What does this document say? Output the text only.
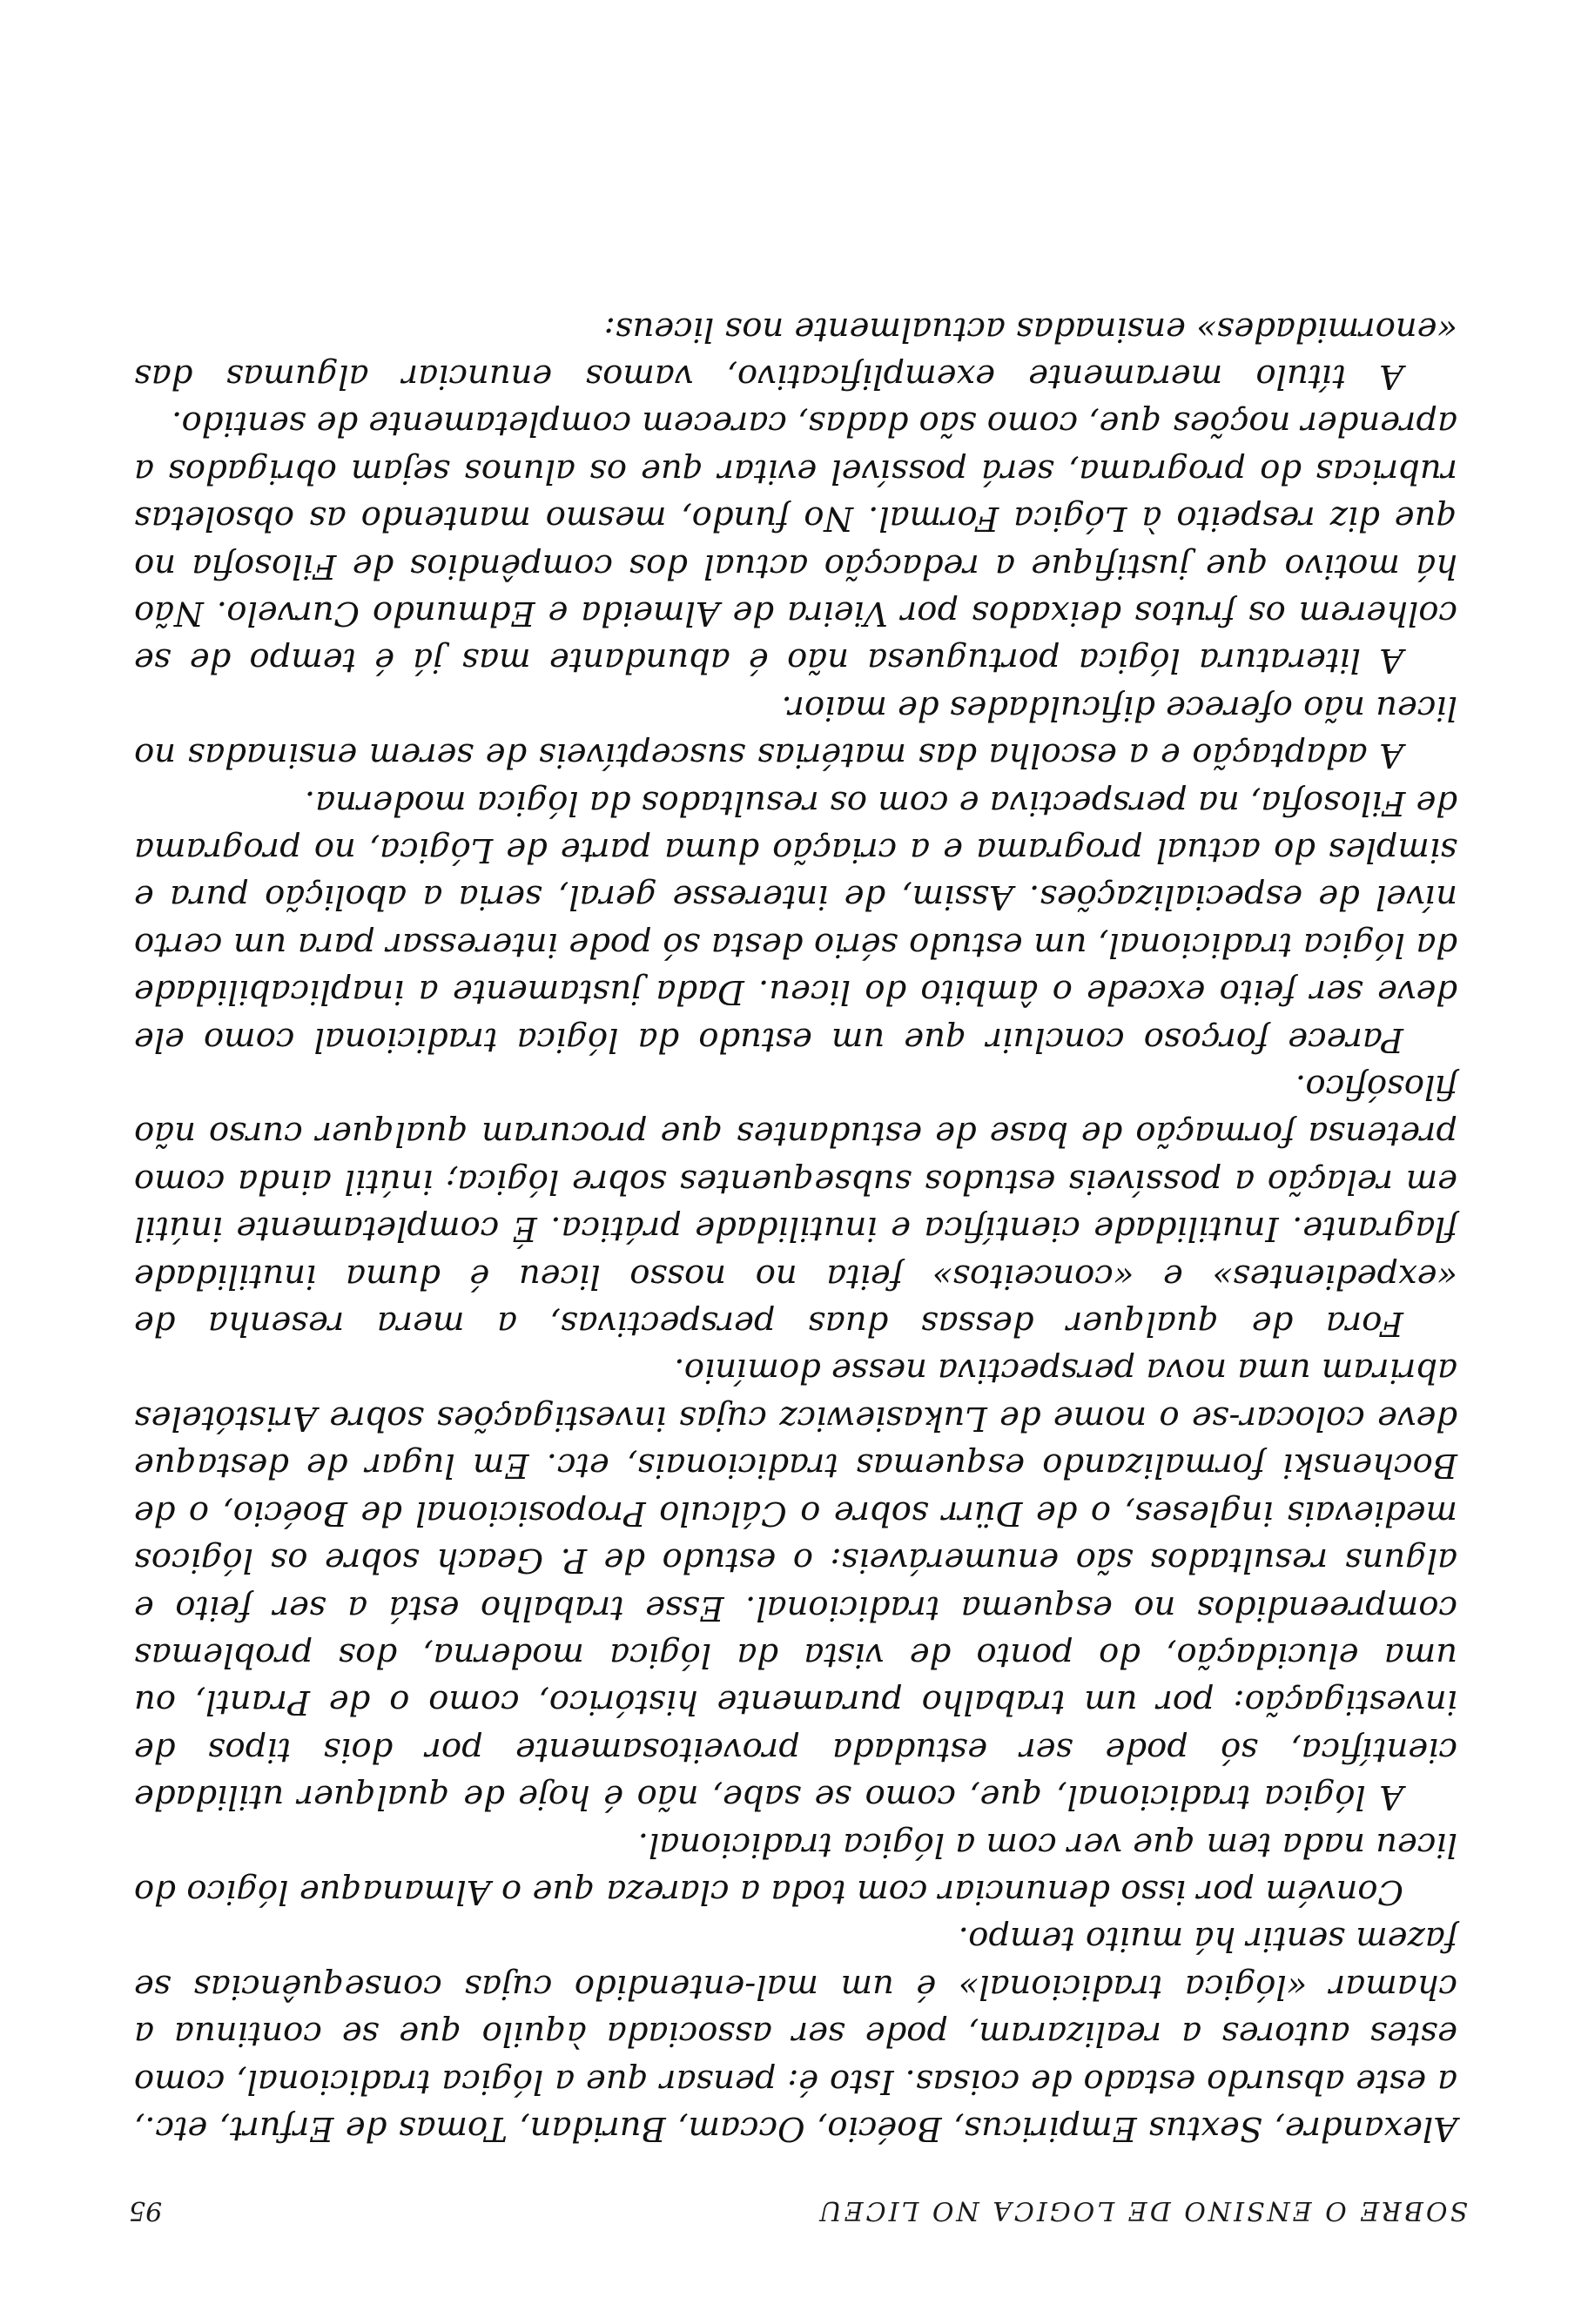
SOBRE O ENSINO DE LOGICA NO LICEU
95

Alexandre, Sextus Empiricus, Boécio, Occam, Buridan, Tomas de Erfurt, etc., a este absurdo estado de coisas. Isto é: pensar que a lógica tradicional, como estes autores a realizaram, pode ser associada àquilo que se continua a chamar «lógica tradicional» é um mal-entendido cujas consequências se fazem sentir há muito tempo.

Convém por isso denunciar com toda a clareza que o Almanaque lógico do liceu nada tem que ver com a lógica tradicional.

A lógica tradicional, que, como se sabe, não é hoje de qualquer utilidade científica, só pode ser estudada proveitosamente por dois tipos de investigação: por um trabalho puramente histórico, como o de Prantl, ou uma elucidação, do ponto de vista da lógica moderna, dos problemas compreendidos no esquema tradicional. Esse trabalho está a ser feito e alguns resultados são enumeráveis: o estudo de P. Geach sobre os lógicos medievais ingleses, o de Dürr sobre o Cálculo Proposicional de Boécio, o de Bochenski formalizando esquemas tradicionais, etc. Em lugar de destaque deve colocar-se o nome de Lukasiewicz cujas investigações sobre Aristóteles abriram uma nova perspectiva nesse domínio.

Fora de qualquer dessas duas perspectivas, a mera resenha de «expedientes» e «conceitos» feita no nosso liceu é duma inutilidade flagrante. Inutilidade científica e inutilidade prática. É completamente inútil em relação a possíveis estudos subsequentes sobre lógica; inútil ainda como pretensa formação de base de estudantes que procuram qualquer curso não filosófico.

Parece forçoso concluir que um estudo da lógica tradicional como ele deve ser feito excede o âmbito do liceu. Dada justamente a inaplicabilidade da lógica tradicional, um estudo sério desta só pode interessar para um certo nível de especializações. Assim, de interesse geral, seria a abolição pura e simples do actual programa e a criação duma parte de Lógica, no programa de Filosofia, na perspectiva e com os resultados da lógica moderna.

A adaptação e a escolha das matérias susceptíveis de serem ensinadas no liceu não oferece dificuldades de maior.

A literatura lógica portuguesa não é abundante mas já é tempo de se colherem os frutos deixados por Vieira de Almeida e Edmundo Curvelo. Não há motivo que justifique a redacção actual dos compêndios de Filosofia no que diz respeito à Lógica Formal. No fundo, mesmo mantendo as obsoletas rubricas do programa, será possível evitar que os alunos sejam obrigados a aprender noções que, como são dadas, carecem completamente de sentido.

A título meramente exemplificativo, vamos enunciar algumas das «enormidades» ensinadas actualmente nos liceus:
